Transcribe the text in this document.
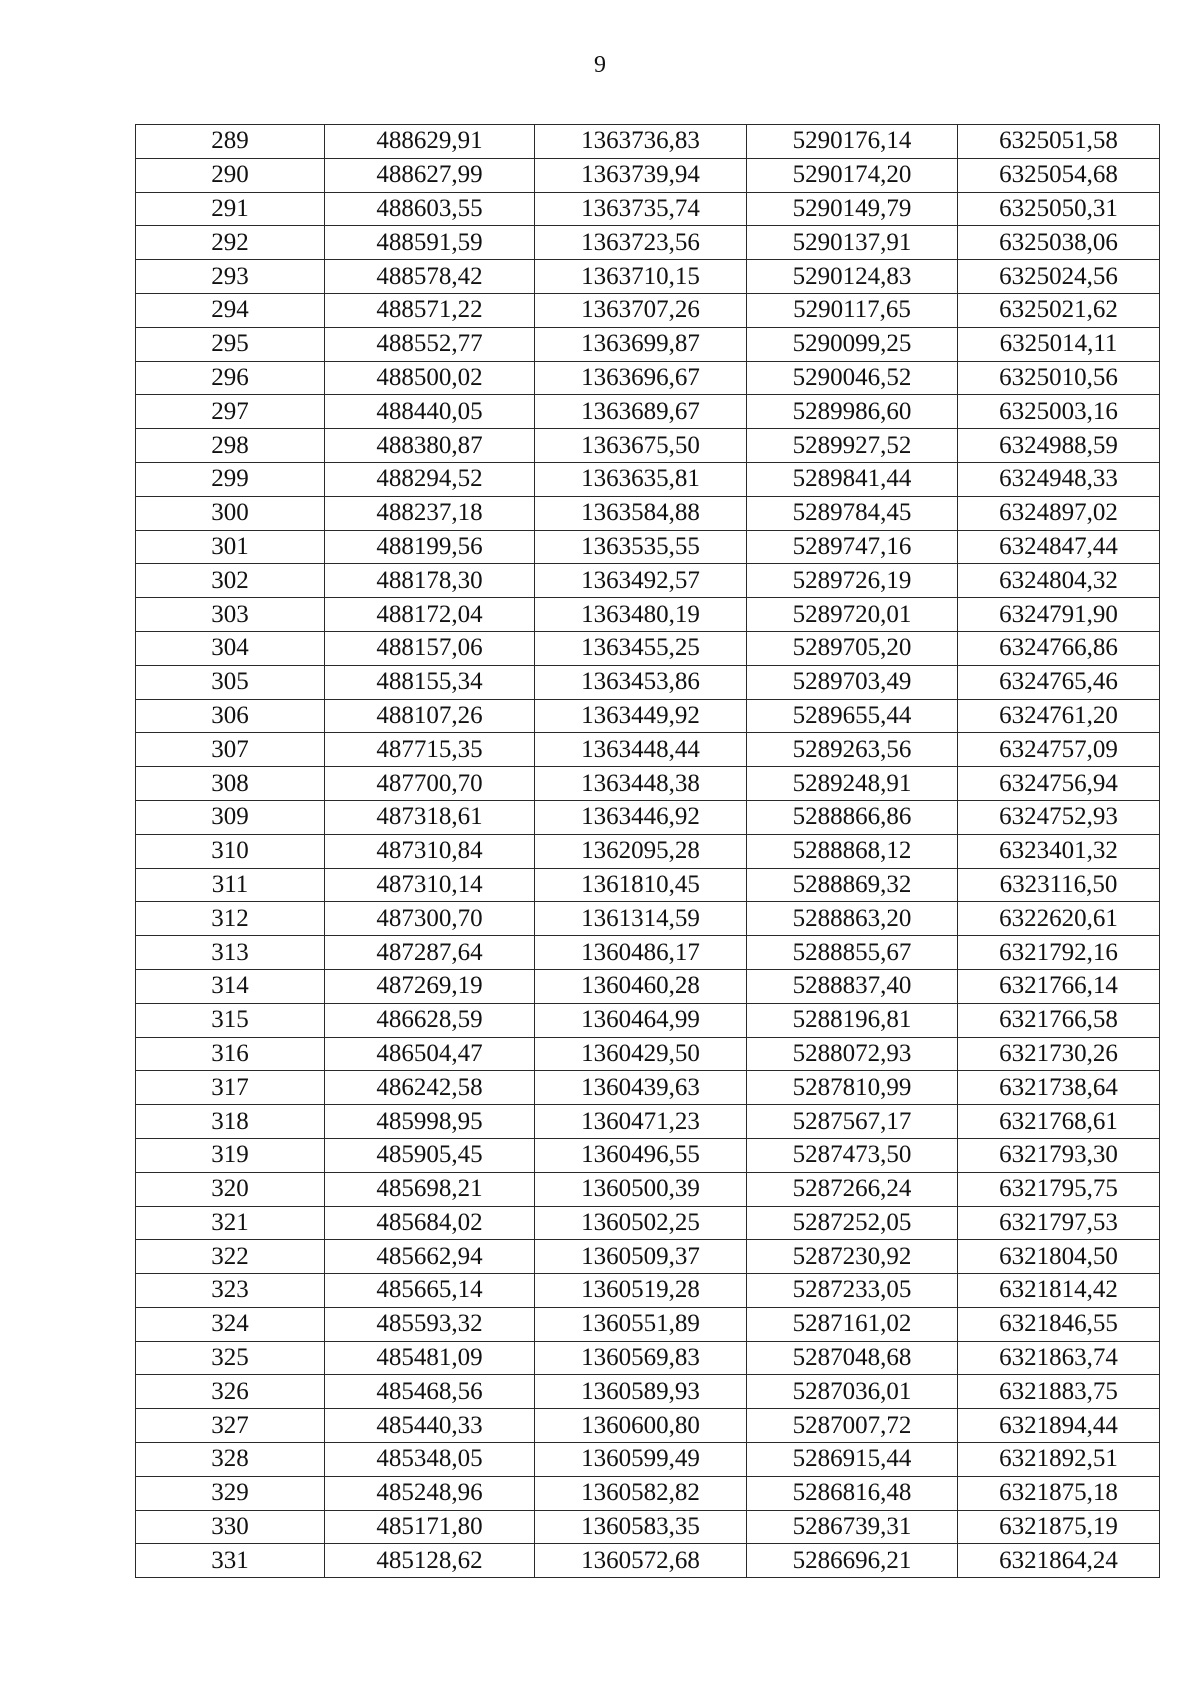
9
289	488629,91	1363736,83	5290176,14	6325051,58
290	488627,99	1363739,94	5290174,20	6325054,68
291	488603,55	1363735,74	5290149,79	6325050,31
292	488591,59	1363723,56	5290137,91	6325038,06
293	488578,42	1363710,15	5290124,83	6325024,56
294	488571,22	1363707,26	5290117,65	6325021,62
295	488552,77	1363699,87	5290099,25	6325014,11
296	488500,02	1363696,67	5290046,52	6325010,56
297	488440,05	1363689,67	5289986,60	6325003,16
298	488380,87	1363675,50	5289927,52	6324988,59
299	488294,52	1363635,81	5289841,44	6324948,33
300	488237,18	1363584,88	5289784,45	6324897,02
301	488199,56	1363535,55	5289747,16	6324847,44
302	488178,30	1363492,57	5289726,19	6324804,32
303	488172,04	1363480,19	5289720,01	6324791,90
304	488157,06	1363455,25	5289705,20	6324766,86
305	488155,34	1363453,86	5289703,49	6324765,46
306	488107,26	1363449,92	5289655,44	6324761,20
307	487715,35	1363448,44	5289263,56	6324757,09
308	487700,70	1363448,38	5289248,91	6324756,94
309	487318,61	1363446,92	5288866,86	6324752,93
310	487310,84	1362095,28	5288868,12	6323401,32
311	487310,14	1361810,45	5288869,32	6323116,50
312	487300,70	1361314,59	5288863,20	6322620,61
313	487287,64	1360486,17	5288855,67	6321792,16
314	487269,19	1360460,28	5288837,40	6321766,14
315	486628,59	1360464,99	5288196,81	6321766,58
316	486504,47	1360429,50	5288072,93	6321730,26
317	486242,58	1360439,63	5287810,99	6321738,64
318	485998,95	1360471,23	5287567,17	6321768,61
319	485905,45	1360496,55	5287473,50	6321793,30
320	485698,21	1360500,39	5287266,24	6321795,75
321	485684,02	1360502,25	5287252,05	6321797,53
322	485662,94	1360509,37	5287230,92	6321804,50
323	485665,14	1360519,28	5287233,05	6321814,42
324	485593,32	1360551,89	5287161,02	6321846,55
325	485481,09	1360569,83	5287048,68	6321863,74
326	485468,56	1360589,93	5287036,01	6321883,75
327	485440,33	1360600,80	5287007,72	6321894,44
328	485348,05	1360599,49	5286915,44	6321892,51
329	485248,96	1360582,82	5286816,48	6321875,18
330	485171,80	1360583,35	5286739,31	6321875,19
331	485128,62	1360572,68	5286696,21	6321864,24
